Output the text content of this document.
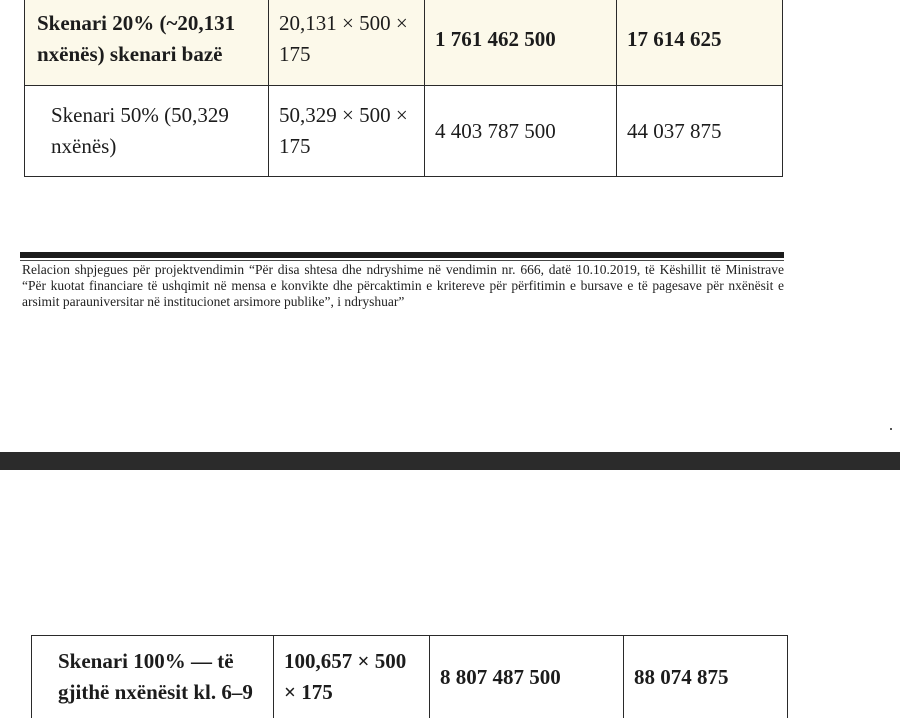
Skenari 20% (~20,131 nxënës) skenari bazë	20,131 × 500 × 175	1 761 462 500	17 614 625
Skenari 50% (50,329 nxënës)	50,329 × 500 × 175	4 403 787 500	44 037 875
Relacion shpjegues për projektvendimin “Për disa shtesa dhe ndryshime në vendimin nr. 666, datë 10.10.2019, të Këshillit të Ministrave “Për kuotat financiare të ushqimit në mensa e konvikte dhe përcaktimin e kritereve për përfitimin e bursave e të pagesave për nxënësit e arsimit parauniversitar në institucionet arsimore publike”, i ndryshuar”
Skenari 100% — të gjithë nxënësit kl. 6–9	100,657 × 500 × 175	8 807 487 500	88 074 875
